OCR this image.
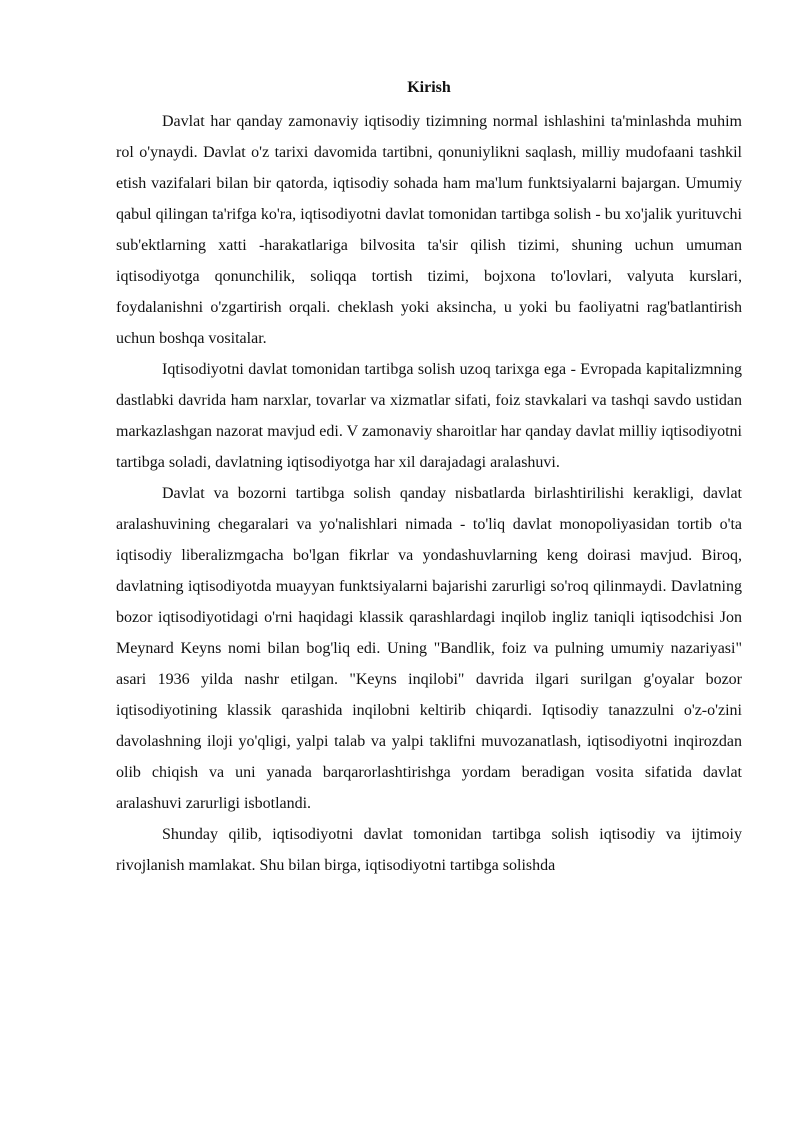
Kirish

Davlat har qanday zamonaviy iqtisodiy tizimning normal ishlashini ta'minlashda muhim rol o'ynaydi. Davlat o'z tarixi davomida tartibni, qonuniylikni saqlash, milliy mudofaani tashkil etish vazifalari bilan bir qatorda, iqtisodiy sohada ham ma'lum funktsiyalarni bajargan. Umumiy qabul qilingan ta'rifga ko'ra, iqtisodiyotni davlat tomonidan tartibga solish - bu xo'jalik yurituvchi sub'ektlarning xatti -harakatlariga bilvosita ta'sir qilish tizimi, shuning uchun umuman iqtisodiyotga qonunchilik, soliqqa tortish tizimi, bojxona to'lovlari, valyuta kurslari, foydalanishni o'zgartirish orqali. cheklash yoki aksincha, u yoki bu faoliyatni rag'batlantirish uchun boshqa vositalar.

Iqtisodiyotni davlat tomonidan tartibga solish uzoq tarixga ega - Evropada kapitalizmning dastlabki davrida ham narxlar, tovarlar va xizmatlar sifati, foiz stavkalari va tashqi savdo ustidan markazlashgan nazorat mavjud edi. V zamonaviy sharoitlar har qanday davlat milliy iqtisodiyotni tartibga soladi, davlatning iqtisodiyotga har xil darajadagi aralashuvi.

Davlat va bozorni tartibga solish qanday nisbatlarda birlashtirilishi kerakligi, davlat aralashuvining chegaralari va yo'nalishlari nimada - to'liq davlat monopoliyasidan tortib o'ta iqtisodiy liberalizmgacha bo'lgan fikrlar va yondashuvlarning keng doirasi mavjud. Biroq, davlatning iqtisodiyotda muayyan funktsiyalarni bajarishi zarurligi so'roq qilinmaydi. Davlatning bozor iqtisodiyotidagi o'rni haqidagi klassik qarashlardagi inqilob ingliz taniqli iqtisodchisi Jon Meynard Keyns nomi bilan bog'liq edi. Uning "Bandlik, foiz va pulning umumiy nazariyasi" asari 1936 yilda nashr etilgan. "Keyns inqilobi" davrida ilgari surilgan g'oyalar bozor iqtisodiyotining klassik qarashida inqilobni keltirib chiqardi. Iqtisodiy tanazzulni o'z-o'zini davolashning iloji yo'qligi, yalpi talab va yalpi taklifni muvozanatlash, iqtisodiyotni inqirozdan olib chiqish va uni yanada barqarorlashtirishga yordam beradigan vosita sifatida davlat aralashuvi zarurligi isbotlandi.

Shunday qilib, iqtisodiyotni davlat tomonidan tartibga solish iqtisodiy va ijtimoiy rivojlanish mamlakat. Shu bilan birga, iqtisodiyotni tartibga solishda
